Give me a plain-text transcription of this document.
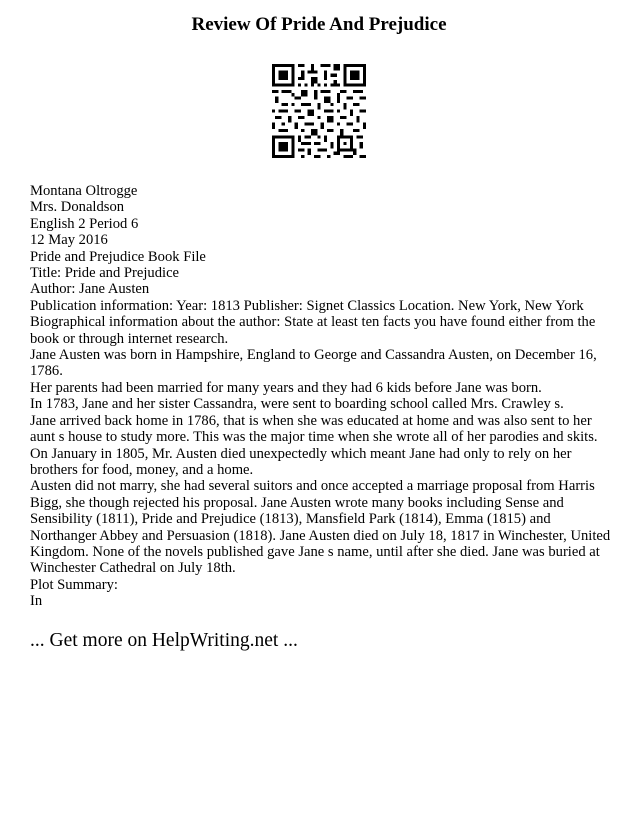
Review Of Pride And Prejudice
Montana Oltrogge
Mrs. Donaldson
English 2 Period 6
12 May 2016
Pride and Prejudice Book File
Title: Pride and Prejudice
Author: Jane Austen
Publication information: Year: 1813 Publisher: Signet Classics Location. New York, New York
Biographical information about the author: State at least ten facts you have found either from the book or through internet research.
Jane Austen was born in Hampshire, England to George and Cassandra Austen, on December 16, 1786.
Her parents had been married for many years and they had 6 kids before Jane was born.
In 1783, Jane and her sister Cassandra, were sent to boarding school called Mrs. Crawley s.
Jane arrived back home in 1786, that is when she was educated at home and was also sent to her aunt s house to study more. This was the major time when she wrote all of her parodies and skits.
On January in 1805, Mr. Austen died unexpectedly which meant Jane had only to rely on her brothers for food, money, and a home.
Austen did not marry, she had several suitors and once accepted a marriage proposal from Harris Bigg, she though rejected his proposal. Jane Austen wrote many books including Sense and Sensibility (1811), Pride and Prejudice (1813), Mansfield Park (1814), Emma (1815) and Northanger Abbey and Persuasion (1818). Jane Austen died on July 18, 1817 in Winchester, United Kingdom. None of the novels published gave Jane s name, until after she died. Jane was buried at Winchester Cathedral on July 18th.
Plot Summary:
In
... Get more on HelpWriting.net ...
